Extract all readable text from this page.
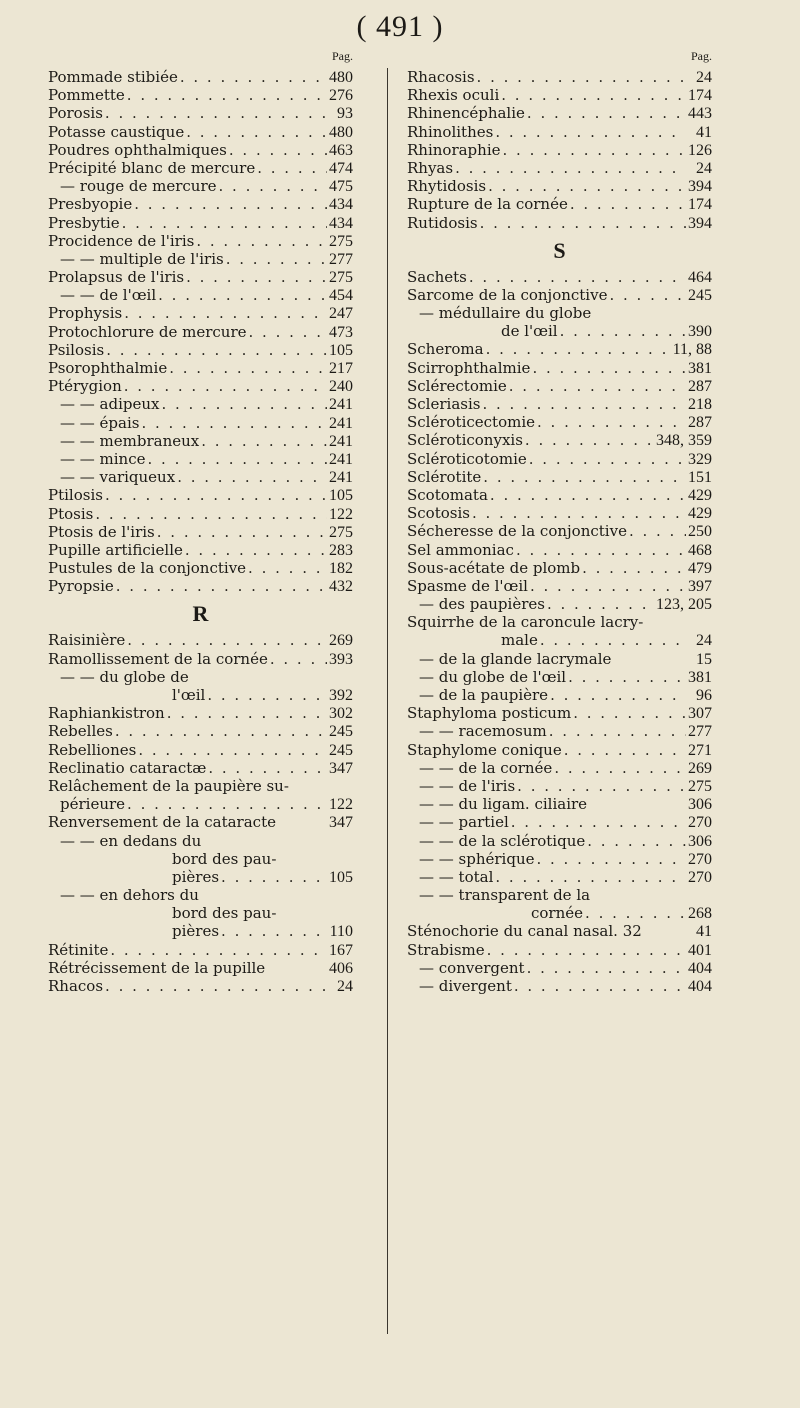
( 491 )
Pag.
Pommade stibiée . . .	480
Pommette . . .	276
Porosis . . .	93
Potasse caustique . . .	480
Poudres ophthalmiques . . .	463
Précipité blanc de mercure . . .	474
— rouge de mercure . . .	475
Presbyopie . . .	434
Presbytie . . .	434
Procidence de l'iris . . .	275
— — multiple de l'iris . . .	277
Prolapsus de l'iris . . .	275
— — de l'œil . . .	454
Prophysis . . .	247
Protochlorure de mercure . . .	473
Psilosis . . .	105
Psorophthalmie . . .	217
Ptérygion . . .	240
— — adipeux . . .	241
— — épais . . .	241
— — membraneux . . .	241
— — mince . . .	241
— — variqueux . . .	241
Ptilosis . . .	105
Ptosis . . .	122
Ptosis de l'iris . . .	275
Pupille artificielle . . .	283
Pustules de la conjonctive . . .	182
Pyropsie . . .	432
R
Raisinière . . .	269
Ramollissement de la cornée . . .	393
— — du globe de
l'œil . . .	392
Raphiankistron . . .	302
Rebelles . . .	245
Rebelliones . . .	245
Reclinatio cataractæ . . .	347
Relâchement de la paupière su-
périeure . . .	122
Renversement de la cataracte	347
— — en dedans du
bord des pau-
pières . . .	105
— — en dehors du
bord des pau-
pières . . .	110
Rétinite . . .	167
Rétrécissement de la pupille	406
Rhacos . . .	24
Pag.
Rhacosis . . .	24
Rhexis oculi . . .	174
Rhinencéphalie . . .	443
Rhinolithes . . .	41
Rhinoraphie . . .	126
Rhyas . . .	24
Rhytidosis . . .	394
Rupture de la cornée . . .	174
Rutidosis . . .	394
S
Sachets . . .	464
Sarcome de la conjonctive . . .	245
— médullaire du globe
de l'œil . . .	390
Scheroma . . .	11, 88
Scirrophthalmie . . .	381
Sclérectomie . . .	287
Scleriasis . . .	218
Scléroticectomie . . .	287
Scléroticonyxis . . .	348, 359
Scléroticotomie . . .	329
Sclérotite . . .	151
Scotomata . . .	429
Scotosis . . .	429
Sécheresse de la conjonctive . . .	250
Sel ammoniac . . .	468
Sous-acétate de plomb . . .	479
Spasme de l'œil . . .	397
— des paupières . . .	123, 205
Squirrhe de la caroncule lacry-
male . . .	24
— de la glande lacrymale	15
— du globe de l'œil . . .	381
— de la paupière . . .	96
Staphyloma posticum . . .	307
— — racemosum . . .	277
Staphylome conique . . .	271
— — de la cornée . . .	269
— — de l'iris . . .	275
— — du ligam. ciliaire	306
— — partiel . . .	270
— — de la sclérotique . . .	306
— — sphérique . . .	270
— — total . . .	270
— — transparent de la
cornée . . .	268
Sténochorie du canal nasal. 32	41
Strabisme . . .	401
— convergent . . .	404
— divergent . . .	404
